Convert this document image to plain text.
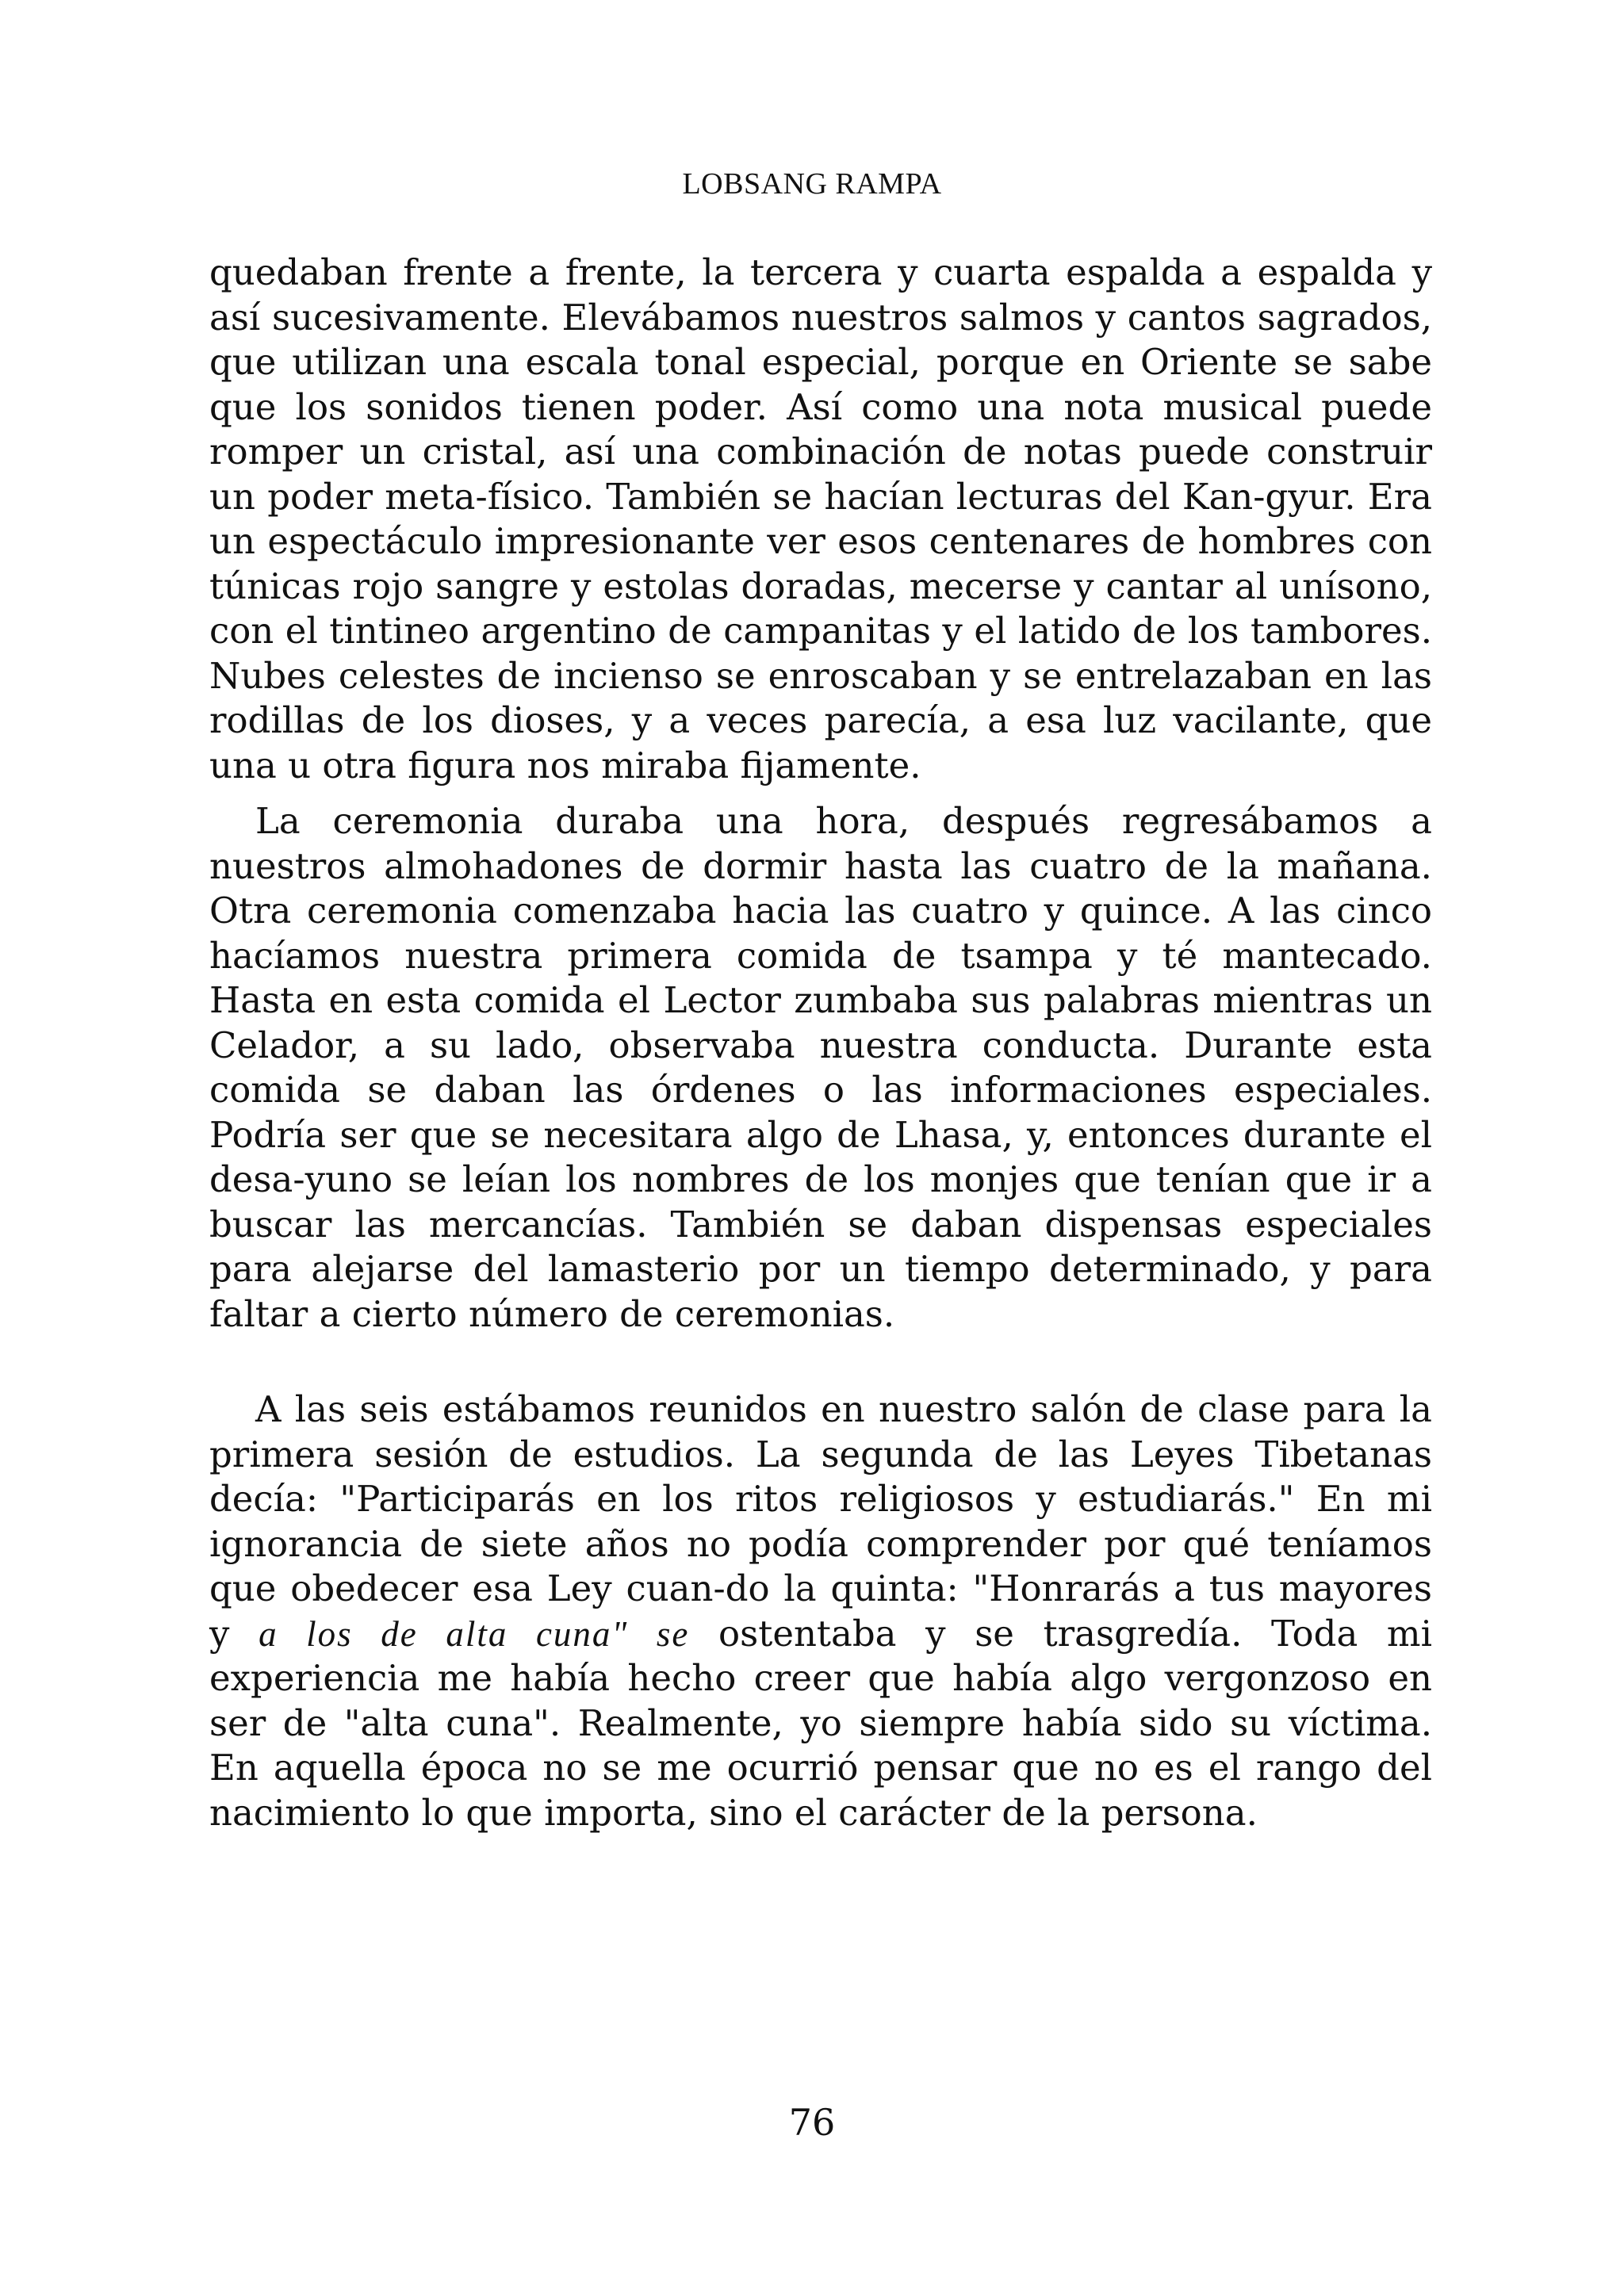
LOBSANG RAMPA

quedaban frente a frente, la tercera y cuarta espalda a espalda y así sucesivamente. Elevábamos nuestros salmos y cantos sagrados, que utilizan una escala tonal especial, porque en Oriente se sabe que los sonidos tienen poder. Así como una nota musical puede romper un cristal, así una combinación de notas puede construir un poder meta-físico. También se hacían lecturas del Kan-gyur. Era un espectáculo impresionante ver esos centenares de hombres con túnicas rojo sangre y estolas doradas, mecerse y cantar al unísono, con el tintineo argentino de campanitas y el latido de los tambores. Nubes celestes de incienso se enroscaban y se entrelazaban en las rodillas de los dioses, y a veces parecía, a esa luz vacilante, que una u otra figura nos miraba fijamente.

La ceremonia duraba una hora, después regresábamos a nuestros almohadones de dormir hasta las cuatro de la mañana. Otra ceremonia comenzaba hacia las cuatro y quince. A las cinco hacíamos nuestra primera comida de tsampa y té mantecado. Hasta en esta comida el Lector zumbaba sus palabras mientras un Celador, a su lado, observaba nuestra conducta. Durante esta comida se daban las órdenes o las informaciones especiales. Podría ser que se necesitara algo de Lhasa, y, entonces durante el desa-yuno se leían los nombres de los monjes que tenían que ir a buscar las mercancías. También se daban dispensas especiales para alejarse del lamasterio por un tiempo determinado, y para faltar a cierto número de ceremonias.

A las seis estábamos reunidos en nuestro salón de clase para la primera sesión de estudios. La segunda de las Leyes Tibetanas decía: "Participarás en los ritos religiosos y estudiarás." En mi ignorancia de siete años no podía comprender por qué teníamos que obedecer esa Ley cuan-do la quinta: "Honrarás a tus mayores y a los de alta cuna" se ostentaba y se trasgredía. Toda mi experiencia me había hecho creer que había algo vergonzoso en ser de "alta cuna". Realmente, yo siempre había sido su víctima. En aquella época no se me ocurrió pensar que no es el rango del nacimiento lo que importa, sino el carácter de la persona.

76
